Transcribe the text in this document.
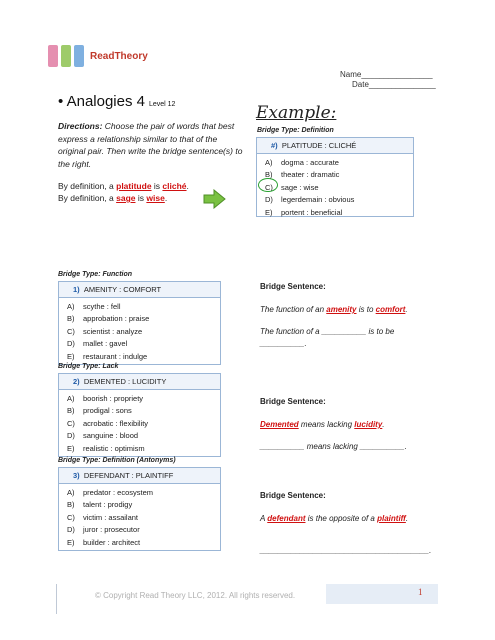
ReadTheory
Name________________
Date_______________
• Analogies 4 Level 12
Directions: Choose the pair of words that best express a relationship similar to that of the original pair. Then write the bridge sentence(s) to the right.
By definition, a platitude is cliché.
By definition, a sage is wise.
Example:
Bridge Type: Definition
#) PLATITUDE : CLICHÉ
A) dogma : accurate
B) theater : dramatic
C) sage : wise
D) legerdemain : obvious
E) portent : beneficial
Bridge Type: Function
1) AMENITY : COMFORT
A) scythe : fell
B) approbation : praise
C) scientist : analyze
D) mallet : gavel
E) restaurant : indulge
Bridge Sentence:
The function of an amenity is to comfort.
The function of a __________ is to be
__________.
Bridge Type: Lack
2) DEMENTED : LUCIDITY
A) boorish : propriety
B) prodigal : sons
C) acrobatic : flexibility
D) sanguine : blood
E) realistic : optimism
Bridge Sentence:
Demented means lacking lucidity.
__________ means lacking __________.
Bridge Type: Definition (Antonyms)
3) DEFENDANT : PLAINTIFF
A) predator : ecosystem
B) talent : prodigy
C) victim : assailant
D) juror : prosecutor
E) builder : architect
Bridge Sentence:
A defendant is the opposite of a plaintiff.
______________________________________.
© Copyright Read Theory LLC, 2012. All rights reserved.	1
